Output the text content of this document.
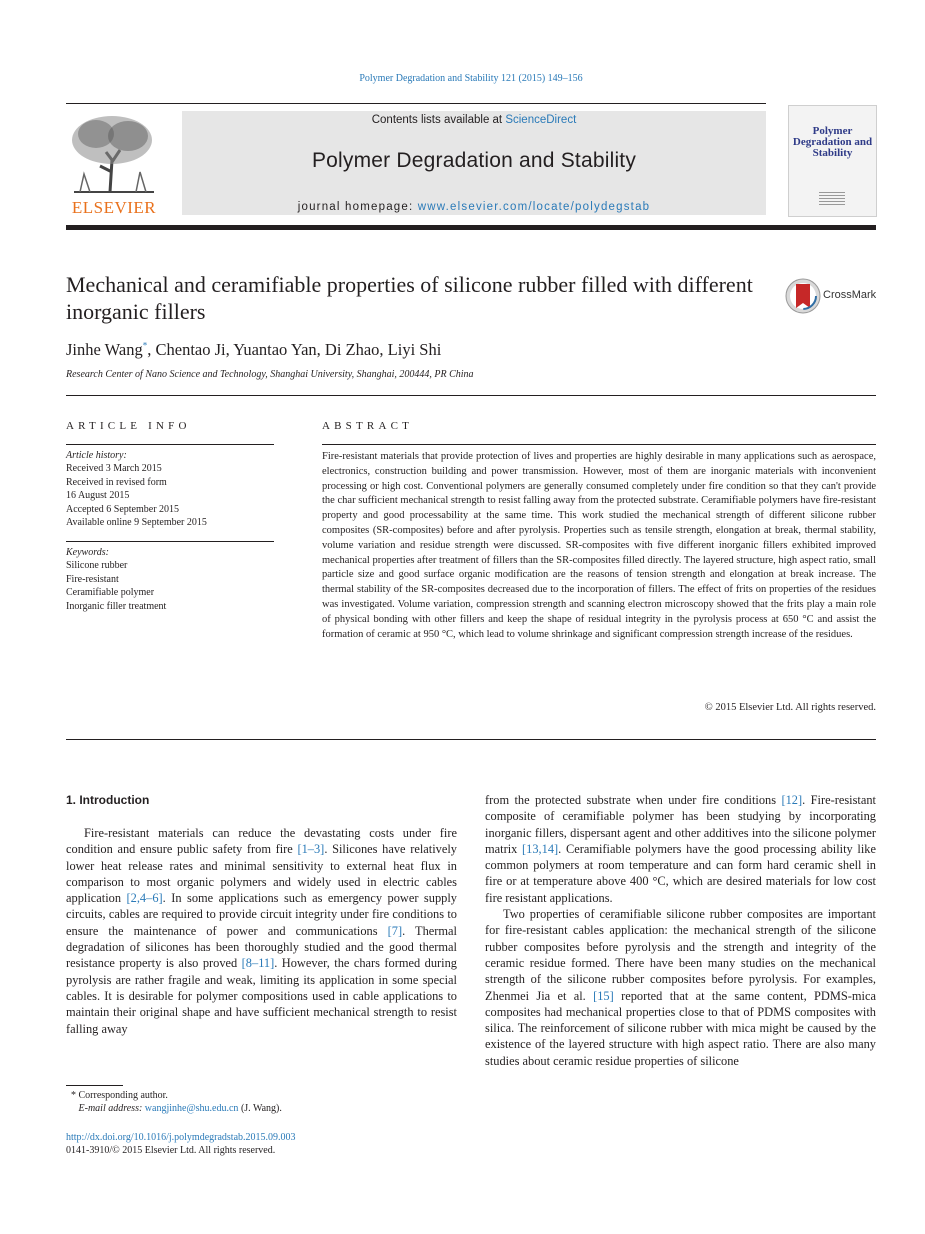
Polymer Degradation and Stability 121 (2015) 149–156
ELSEVIER
Contents lists available at ScienceDirect
Polymer Degradation and Stability
journal homepage: www.elsevier.com/locate/polydegstab
Polymer Degradation and Stability
Mechanical and ceramifiable properties of silicone rubber filled with different inorganic fillers
CrossMark
Jinhe Wang*, Chentao Ji, Yuantao Yan, Di Zhao, Liyi Shi
Research Center of Nano Science and Technology, Shanghai University, Shanghai, 200444, PR China
ARTICLE INFO	ABSTRACT
Article history:
Received 3 March 2015
Received in revised form
16 August 2015
Accepted 6 September 2015
Available online 9 September 2015
Keywords:
Silicone rubber
Fire-resistant
Ceramifiable polymer
Inorganic filler treatment
Fire-resistant materials that provide protection of lives and properties are highly desirable in many applications such as aerospace, electronics, construction building and power transmission. However, most of them are inorganic materials with inconvenient processing or high cost. Conventional polymers are generally consumed completely under fire condition so that they can't provide the char sufficient mechanical strength to resist falling away from the protected substrate. Ceramifiable polymers have fire-resistant property and good processability at the same time. This work studied the mechanical strength of different silicone rubber composites (SR-composites) before and after pyrolysis. Properties such as tensile strength, elongation at break, thermal stability, volume variation and residue strength were discussed. SR-composites with five different inorganic fillers exhibited improved mechanical properties after treatment of fillers than the SR-composites filled directly. The layered structure, high aspect ratio, small particle size and good surface organic modification are the reasons of tension strength and elongation at break increase. The thermal stability of the SR-composites decreased due to the incorporation of fillers. The effect of frits on properties of the residues was investigated. Volume variation, compression strength and scanning electron microscopy showed that the frits play a main role of physical bonding with other fillers and keep the shape of residual integrity in the pyrolysis process at 650 °C and assist the formation of ceramic at 950 °C, which lead to volume shrinkage and significant compression strength increase of the residues.
© 2015 Elsevier Ltd. All rights reserved.
1. Introduction

Fire-resistant materials can reduce the devastating costs under fire condition and ensure public safety from fire [1–3]. Silicones have relatively lower heat release rates and minimal sensitivity to external heat flux in comparison to most organic polymers and widely used in electric cables application [2,4–6]. In some applications such as emergency power supply circuits, cables are required to provide circuit integrity under fire conditions to ensure the maintenance of power and communications [7]. Thermal degradation of silicones has been thoroughly studied and the good thermal resistance property is also proved [8–11]. However, the chars formed during pyrolysis are rather fragile and weak, limiting its application in some special cables. It is desirable for polymer compositions used in cable applications to maintain their original shape and have sufficient mechanical strength to resist falling away

from the protected substrate when under fire conditions [12]. Fire-resistant composite of ceramifiable polymer has been studying by incorporating inorganic fillers, dispersant agent and other additives into the silicone polymer matrix [13,14]. Ceramifiable polymers have the good processing ability like common polymers at room temperature and can form hard ceramic shell in fire or at temperature above 400 °C, which are desired materials for low cost fire resistant applications.

Two properties of ceramifiable silicone rubber composites are important for fire-resistant cables application: the mechanical strength of the silicone rubber composites before pyrolysis and the strength and integrity of the ceramic residue formed. There have been many studies on the mechanical strength of the silicone rubber composites before pyrolysis. For examples, Zhenmei Jia et al. [15] reported that at the same content, PDMS-mica composites had mechanical properties close to that of PDMS composites with silica. The reinforcement of silicone rubber with mica might be caused by the existence of the layered structure with high aspect ratio. There are also many studies about ceramic residue properties of silicone

* Corresponding author.
E-mail address: wangjinhe@shu.edu.cn (J. Wang).
http://dx.doi.org/10.1016/j.polymdegradstab.2015.09.003
0141-3910/© 2015 Elsevier Ltd. All rights reserved.
